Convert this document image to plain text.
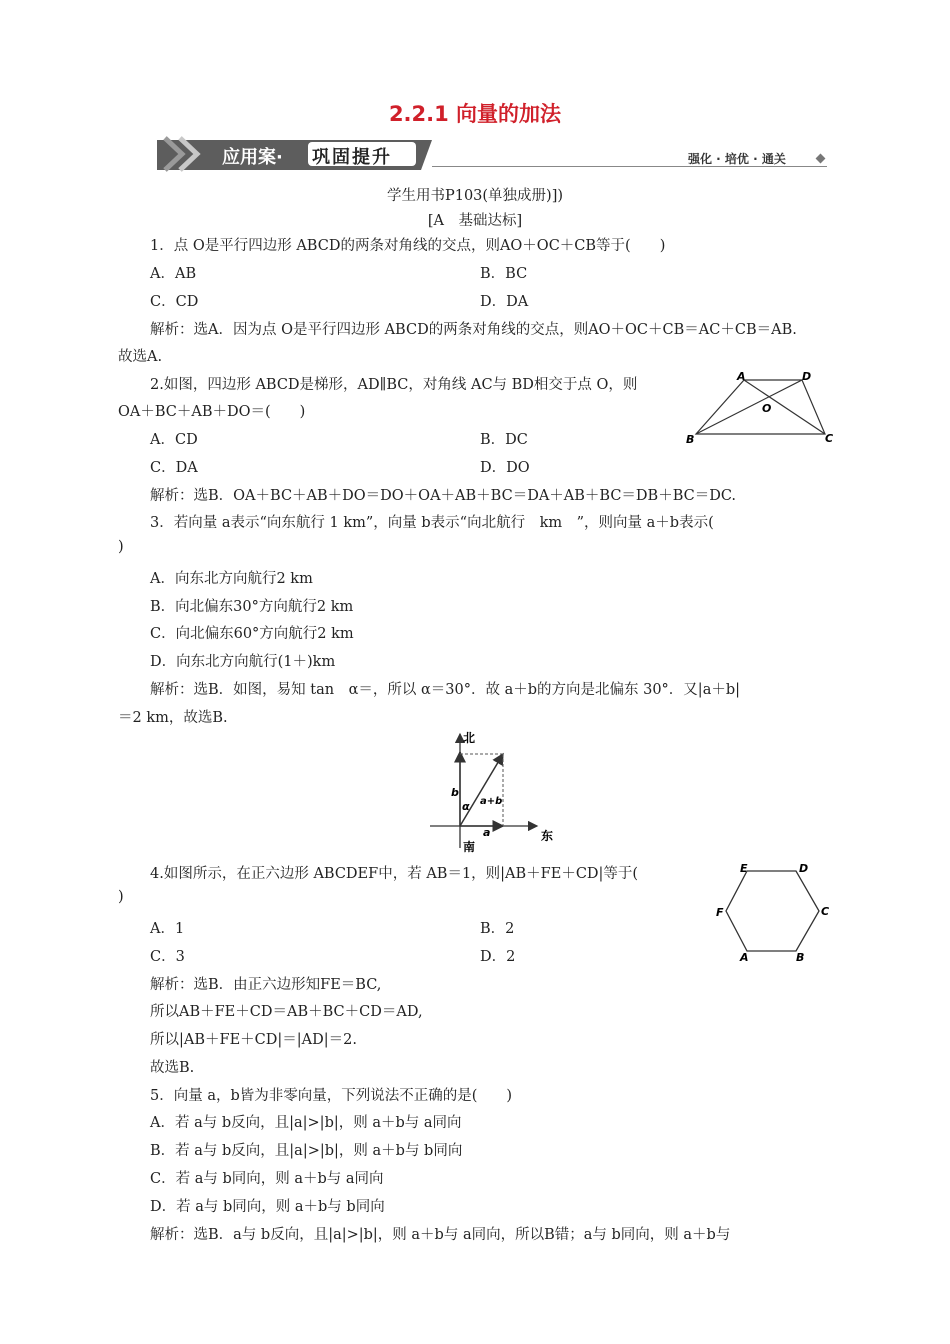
2.2.1 向量的加法
应用案· 巩固提升	强化 · 培优 · 通关
学生用书P103(单独成册)])
[A　基础达标]
1．点 O是平行四边形 ABCD的两条对角线的交点，则AO＋OC＋CB等于(　　)
A．AB	B．BC
C．CD	D．DA
解析：选A．因为点 O是平行四边形 ABCD的两条对角线的交点，则AO＋OC＋CB＝AC＋CB＝AB.
故选A.
2.如图，四边形 ABCD是梯形，AD∥BC，对角线 AC与 BD相交于点 O，则
OA＋BC＋AB＋DO＝(　　)
A．CD	B．DC
C．DA	D．DO
解析：选B．OA＋BC＋AB＋DO＝DO＋OA＋AB＋BC＝DA＋AB＋BC＝DB＋BC＝DC.
A	D
O
B	C
3．若向量 a表示“向东航行 1 km”，向量 b表示“向北航行　km　”，则向量 a＋b表示(
)
A．向东北方向航行2 km
B．向北偏东30°方向航行2 km
C．向北偏东60°方向航行2 km
D．向东北方向航行(1＋)km
解析：选B．如图，易知 tan　α＝，所以 α＝30°．故 a＋b的方向是北偏东 30°．又|a＋b|
＝2 km，故选B.
北
南
东
a
b
α a+b
4.如图所示，在正六边形 ABCDEF中，若 AB＝1，则|AB＋FE＋CD|等于(
)
A．1	B．2
C．3	D．2
解析：选B．由正六边形知FE＝BC,
所以AB＋FE＋CD＝AB＋BC＋CD＝AD,
所以|AB＋FE＋CD|＝|AD|＝2.
故选B.
A	B
C
D
E
F
5．向量 a，b皆为非零向量，下列说法不正确的是(　　)
A．若 a与 b反向，且|a|>|b|，则 a＋b与 a同向
B．若 a与 b反向，且|a|>|b|，则 a＋b与 b同向
C．若 a与 b同向，则 a＋b与 a同向
D．若 a与 b同向，则 a＋b与 b同向
解析：选B．a与 b反向，且|a|>|b|，则 a＋b与 a同向，所以B错；a与 b同向，则 a＋b与
